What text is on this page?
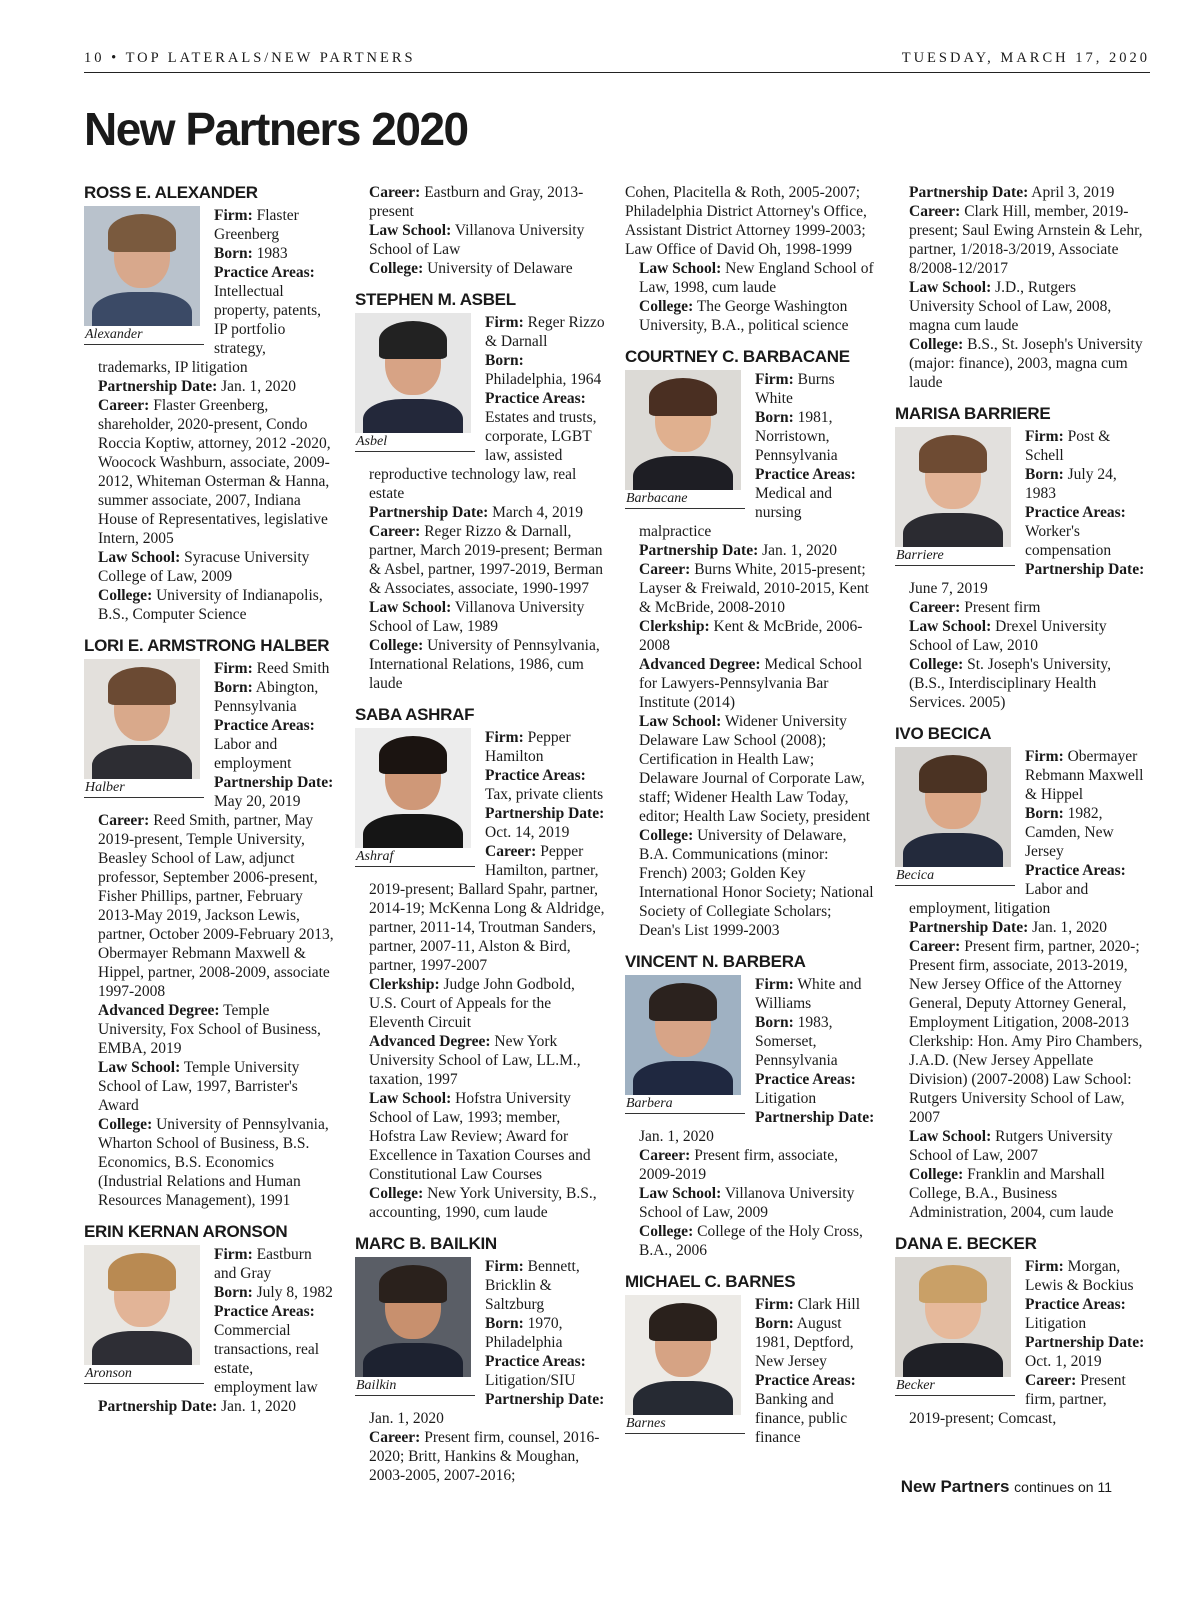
10 • TOP LATERALS/NEW PARTNERS	TUESDAY, MARCH 17, 2020
New Partners 2020
ROSS E. ALEXANDER
Alexander
Firm: Flaster Greenberg
Born: 1983
Practice Areas: Intellectual property, patents, IP portfolio strategy, trademarks, IP litigation
Partnership Date: Jan. 1, 2020
Career: Flaster Greenberg, shareholder, 2020-present, Condo Roccia Koptiw, attorney, 2012 -2020, Woocock Washburn, associate, 2009-2012, Whiteman Osterman & Hanna, summer associate, 2007, Indiana House of Representatives, legislative Intern, 2005
Law School: Syracuse University College of Law, 2009
College: University of Indianapolis, B.S., Computer Science
LORI E. ARMSTRONG HALBER
Halber
Firm: Reed Smith
Born: Abington, Pennsylvania
Practice Areas: Labor and employment
Partnership Date: May 20, 2019
Career: Reed Smith, partner, May 2019-present, Temple University, Beasley School of Law, adjunct professor, September 2006-present, Fisher Phillips, partner, February 2013-May 2019, Jackson Lewis, partner, October 2009-February 2013, Obermayer Rebmann Maxwell & Hippel, partner, 2008-2009, associate 1997-2008
Advanced Degree: Temple University, Fox School of Business, EMBA, 2019
Law School: Temple University School of Law, 1997, Barrister's Award
College: University of Pennsylvania, Wharton School of Business, B.S. Economics, B.S. Economics (Industrial Relations and Human Resources Management), 1991
ERIN KERNAN ARONSON
Aronson
Firm: Eastburn and Gray
Born: July 8, 1982
Practice Areas: Commercial transactions, real estate, employment law
Partnership Date: Jan. 1, 2020
Career: Eastburn and Gray, 2013-present
Law School: Villanova University School of Law
College: University of Delaware
STEPHEN M. ASBEL
Asbel
Firm: Reger Rizzo & Darnall
Born: Philadelphia, 1964
Practice Areas: Estates and trusts, corporate, LGBT law, assisted reproductive technology law, real estate
Partnership Date: March 4, 2019
Career: Reger Rizzo & Darnall, partner, March 2019-present; Berman & Asbel, partner, 1997-2019, Berman & Associates, associate, 1990-1997
Law School: Villanova University School of Law, 1989
College: University of Pennsylvania, International Relations, 1986, cum laude
SABA ASHRAF
Ashraf
Firm: Pepper Hamilton
Practice Areas: Tax, private clients
Partnership Date: Oct. 14, 2019
Career: Pepper Hamilton, partner, 2019-present; Ballard Spahr, partner, 2014-19; McKenna Long & Aldridge, partner, 2011-14, Troutman Sanders, partner, 2007-11, Alston & Bird, partner, 1997-2007
Clerkship: Judge John Godbold, U.S. Court of Appeals for the Eleventh Circuit
Advanced Degree: New York University School of Law, LL.M., taxation, 1997
Law School: Hofstra University School of Law, 1993; member, Hofstra Law Review; Award for Excellence in Taxation Courses and Constitutional Law Courses
College: New York University, B.S., accounting, 1990, cum laude
MARC B. BAILKIN
Bailkin
Firm: Bennett, Bricklin & Saltzburg
Born: 1970, Philadelphia
Practice Areas: Litigation/SIU
Partnership Date: Jan. 1, 2020
Career: Present firm, counsel, 2016-2020; Britt, Hankins & Moughan, 2003-2005, 2007-2016;
Cohen, Placitella & Roth, 2005-2007; Philadelphia District Attorney's Office, Assistant District Attorney 1999-2003; Law Office of David Oh, 1998-1999
Law School: New England School of Law, 1998, cum laude
College: The George Washington University, B.A., political science
COURTNEY C. BARBACANE
Barbacane
Firm: Burns White
Born: 1981, Norristown, Pennsylvania
Practice Areas: Medical and nursing malpractice
Partnership Date: Jan. 1, 2020
Career: Burns White, 2015-present; Layser & Freiwald, 2010-2015, Kent & McBride, 2008-2010
Clerkship: Kent & McBride, 2006-2008
Advanced Degree: Medical School for Lawyers-Pennsylvania Bar Institute (2014)
Law School: Widener University Delaware Law School (2008); Certification in Health Law; Delaware Journal of Corporate Law, staff; Widener Health Law Today, editor; Health Law Society, president
College: University of Delaware, B.A. Communications (minor: French) 2003; Golden Key International Honor Society; National Society of Collegiate Scholars; Dean's List 1999-2003
VINCENT N. BARBERA
Barbera
Firm: White and Williams
Born: 1983, Somerset, Pennsylvania
Practice Areas: Litigation
Partnership Date: Jan. 1, 2020
Career: Present firm, associate, 2009-2019
Law School: Villanova University School of Law, 2009
College: College of the Holy Cross, B.A., 2006
MICHAEL C. BARNES
Barnes
Firm: Clark Hill
Born: August 1981, Deptford, New Jersey
Practice Areas: Banking and finance, public finance
Partnership Date: April 3, 2019
Career: Clark Hill, member, 2019-present; Saul Ewing Arnstein & Lehr, partner, 1/2018-3/2019, Associate 8/2008-12/2017
Law School: J.D., Rutgers University School of Law, 2008, magna cum laude
College: B.S., St. Joseph's University (major: finance), 2003, magna cum laude
MARISA BARRIERE
Barriere
Firm: Post & Schell
Born: July 24, 1983
Practice Areas: Worker's compensation
Partnership Date: June 7, 2019
Career: Present firm
Law School: Drexel University School of Law, 2010
College: St. Joseph's University, (B.S., Interdisciplinary Health Services. 2005)
IVO BECICA
Becica
Firm: Obermayer Rebmann Maxwell & Hippel
Born: 1982, Camden, New Jersey
Practice Areas: Labor and employment, litigation
Partnership Date: Jan. 1, 2020
Career: Present firm, partner, 2020-; Present firm, associate, 2013-2019, New Jersey Office of the Attorney General, Deputy Attorney General, Employment Litigation, 2008-2013 Clerkship: Hon. Amy Piro Chambers, J.A.D. (New Jersey Appellate Division) (2007-2008) Law School: Rutgers University School of Law, 2007
Law School: Rutgers University School of Law, 2007
College: Franklin and Marshall College, B.A., Business Administration, 2004, cum laude
DANA E. BECKER
Becker
Firm: Morgan, Lewis & Bockius
Practice Areas: Litigation
Partnership Date: Oct. 1, 2019
Career: Present firm, partner, 2019-present; Comcast,
New Partners continues on 11
